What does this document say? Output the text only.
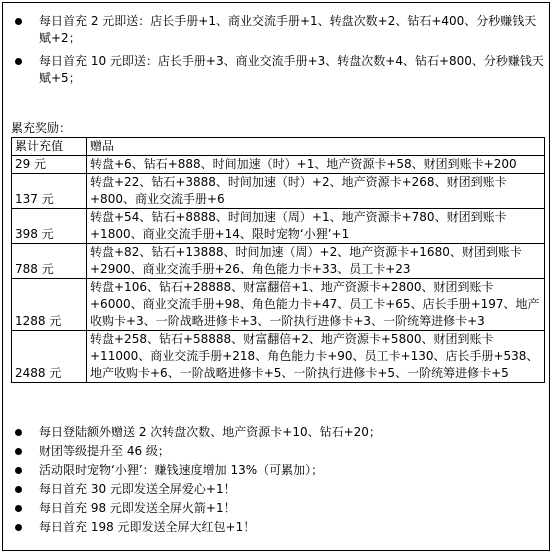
每日首充 2 元即送：店长手册+1、商业交流手册+1、转盘次数+2、钻石+400、分秒赚钱天赋+2；
每日首充 10 元即送：店长手册+3、商业交流手册+3、转盘次数+4、钻石+800、分秒赚钱天赋+5；
累充奖励：
累计充值	赠品
29 元	转盘+6、钻石+888、时间加速（时）+1、地产资源卡+58、财团到账卡+200
137 元	转盘+22、钻石+3888、时间加速（时）+2、地产资源卡+268、财团到账卡+800、商业交流手册+6
398 元	转盘+54、钻石+8888、时间加速（周）+1、地产资源卡+780、财团到账卡+1800、商业交流手册+14、限时宠物‘小狸’+1
788 元	转盘+82、钻石+13888、时间加速（周）+2、地产资源卡+1680、财团到账卡+2900、商业交流手册+26、角色能力卡+33、员工卡+23
1288 元	转盘+106、钻石+28888、财富翻倍+1、地产资源卡+2800、财团到账卡+6000、商业交流手册+98、角色能力卡+47、员工卡+65、店长手册+197、地产收购卡+3、一阶战略进修卡+3、一阶执行进修卡+3、一阶统筹进修卡+3
2488 元	转盘+258、钻石+58888、财富翻倍+2、地产资源卡+5800、财团到账卡+11000、商业交流手册+218、角色能力卡+90、员工卡+130、店长手册+538、地产收购卡+6、一阶战略进修卡+5、一阶执行进修卡+5、一阶统筹进修卡+5
每日登陆额外赠送 2 次转盘次数、地产资源卡+10、钻石+20；
财团等级提升至 46 级；
活动限时宠物‘小狸’：赚钱速度增加 13%（可累加）；
每日首充 30 元即发送全屏爱心+1！
每日首充 98 元即发送全屏火箭+1！
每日首充 198 元即发送全屏大红包+1！
